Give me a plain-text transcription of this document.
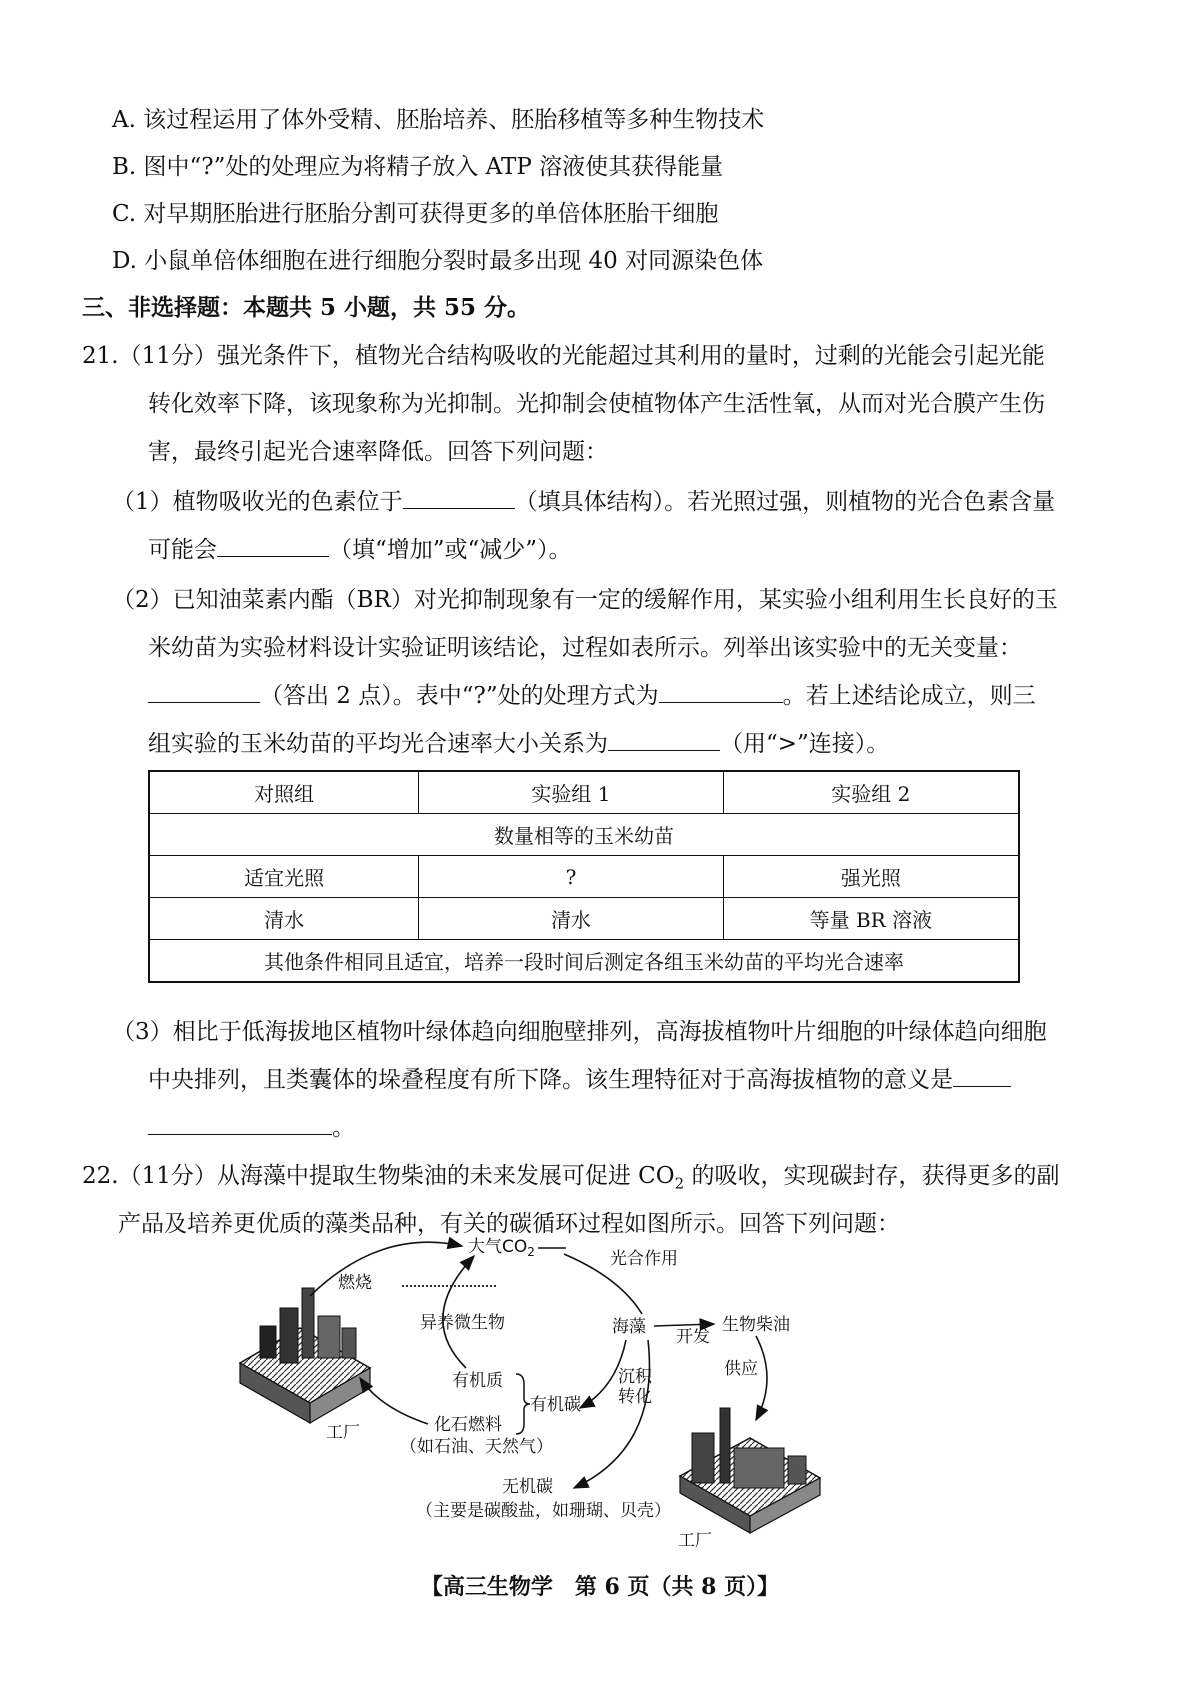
A. 该过程运用了体外受精、胚胎培养、胚胎移植等多种生物技术
B. 图中“?”处的处理应为将精子放入 ATP 溶液使其获得能量
C. 对早期胚胎进行胚胎分割可获得更多的单倍体胚胎干细胞
D. 小鼠单倍体细胞在进行细胞分裂时最多出现 40 对同源染色体
三、非选择题：本题共 5 小题，共 55 分。
21.（11分）强光条件下，植物光合结构吸收的光能超过其利用的量时，过剩的光能会引起光能
转化效率下降，该现象称为光抑制。光抑制会使植物体产生活性氧，从而对光合膜产生伤
害，最终引起光合速率降低。回答下列问题：
（1）植物吸收光的色素位于	（填具体结构）。若光照过强，则植物的光合色素含量
可能会	（填“增加”或“减少”）。
（2）已知油菜素内酯（BR）对光抑制现象有一定的缓解作用，某实验小组利用生长良好的玉
米幼苗为实验材料设计实验证明该结论，过程如表所示。列举出该实验中的无关变量：
（答出 2 点）。表中“?”处的处理方式为	。若上述结论成立，则三
组实验的玉米幼苗的平均光合速率大小关系为	（用“>”连接）。
对照组	实验组 1	实验组 2
数量相等的玉米幼苗		
适宜光照	?	强光照
清水	清水	等量 BR 溶液
其他条件相同且适宜，培养一段时间后测定各组玉米幼苗的平均光合速率		
（3）相比于低海拔地区植物叶绿体趋向细胞壁排列，高海拔植物叶片细胞的叶绿体趋向细胞
中央排列，且类囊体的垛叠程度有所下降。该生理特征对于高海拔植物的意义是
。
22.（11分）从海藻中提取生物柴油的未来发展可促进 $CO_2$ 的吸收，实现碳封存，获得更多的副
产品及培养更优质的藻类品种，有关的碳循环过程如图所示。回答下列问题：
大气$CO_2$	光合作用
燃烧
异养微生物	海藻 开发
生物柴油
供应
有机质
有机碳
沉积
转化
化石燃料
（如石油、天然气）
工厂
工厂
无机碳
（主要是碳酸盐，如珊瑚、贝壳）
【高三生物学　第 6 页（共 8 页）】
